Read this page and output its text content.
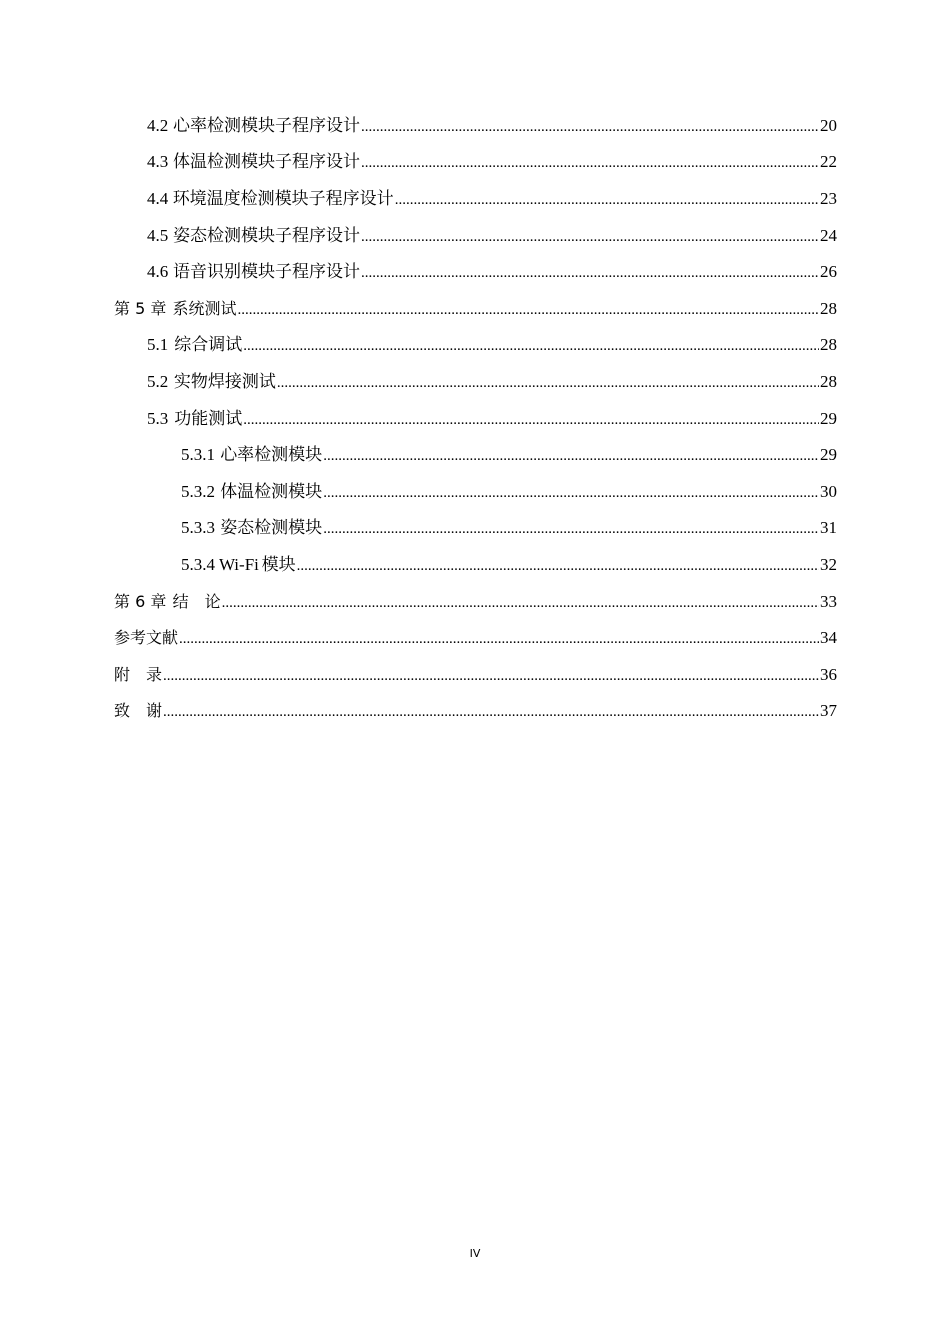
4.2 心率检测模块子程序设计 .....	20
4.3 体温检测模块子程序设计 .....	22
4.4 环境温度检测模块子程序设计 .....	23
4.5 姿态检测模块子程序设计 .....	24
4.6 语音识别模块子程序设计 .....	26
第 5 章 系统测试 .....	28
5.1 综合调试 .....	28
5.2 实物焊接测试 .....	28
5.3 功能测试 .....	29
5.3.1 心率检测模块 .....	29
5.3.2 体温检测模块 .....	30
5.3.3 姿态检测模块 .....	31
5.3.4 Wi-Fi 模块 .....	32
第 6 章 结　论 .....	33
参考文献 .....	34
附　录 .....	36
致　谢 .....	37
IV
